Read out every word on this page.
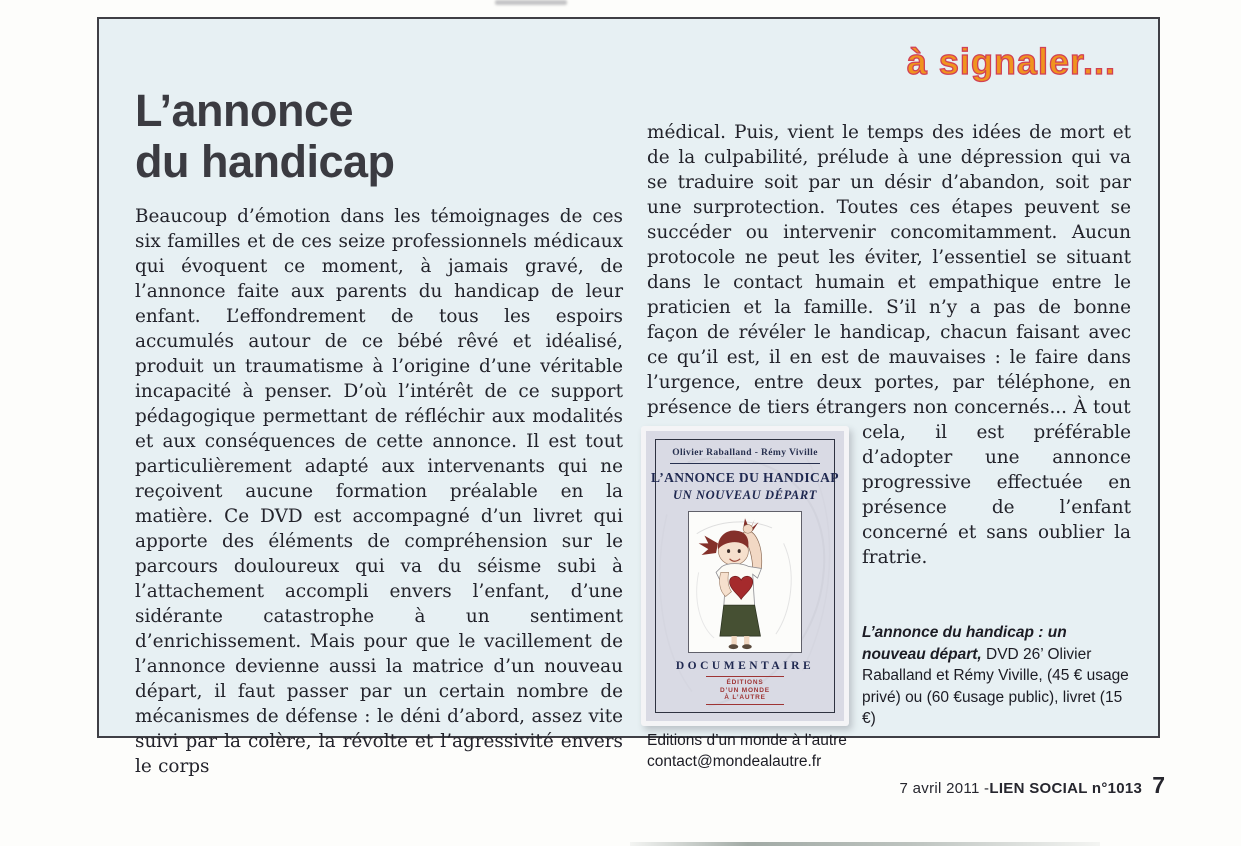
à signaler...
L’annonce
du handicap

Beaucoup d’émotion dans les témoignages de ces six familles et de ces seize professionnels médicaux qui évoquent ce moment, à jamais gravé, de l’annonce faite aux parents du handicap de leur enfant. L’effondrement de tous les espoirs accumulés autour de ce bébé rêvé et idéalisé, produit un traumatisme à l’origine d’une véritable incapacité à penser. D’où l’intérêt de ce support pédagogique permettant de réfléchir aux modalités et aux conséquences de cette annonce. Il est tout particulièrement adapté aux intervenants qui ne reçoivent aucune formation préalable en la matière. Ce DVD est accompagné d’un livret qui apporte des éléments de compréhension sur le parcours douloureux qui va du séisme subi à l’attachement accompli envers l’enfant, d’une sidérante catastrophe à un sentiment d’enrichissement. Mais pour que le vacillement de l’annonce devienne aussi la matrice d’un nouveau départ, il faut passer par un certain nombre de mécanismes de défense : le déni d’abord, assez vite suivi par la colère, la révolte et l’agressivité envers le corps

médical. Puis, vient le temps des idées de mort et de la culpabilité, prélude à une dépression qui va se traduire soit par un désir d’abandon, soit par une surprotection. Toutes ces étapes peuvent se succéder ou intervenir concomitamment. Aucun protocole ne peut les éviter, l’essentiel se situant dans le contact humain et empathique entre le praticien et la famille. S’il n’y a pas de bonne façon de révéler le handicap, chacun faisant avec ce qu’il est, il en est de mauvaises : le faire dans l’urgence, entre deux portes, par téléphone, en présence de tiers étrangers non concernés... À tout

Olivier Raballand - Rémy Viville
L’ANNONCE DU HANDICAP
UN NOUVEAU DÉPART
DOCUMENTAIRE
ÉDITIONS
D’UN MONDE
À L’AUTRE

cela, il est préférable d’adopter une annonce progressive effectuée en présence de l’enfant concerné et sans oublier la fratrie.

L’annonce du handicap : un nouveau départ, DVD 26’ Olivier Raballand et Rémy Viville, (45 € usage privé) ou (60 €usage public), livret (15 €)
Editions d’un monde à l’autre
contact@mondealautre.fr

7 avril 2011 - LIEN SOCIAL n°1013 7
